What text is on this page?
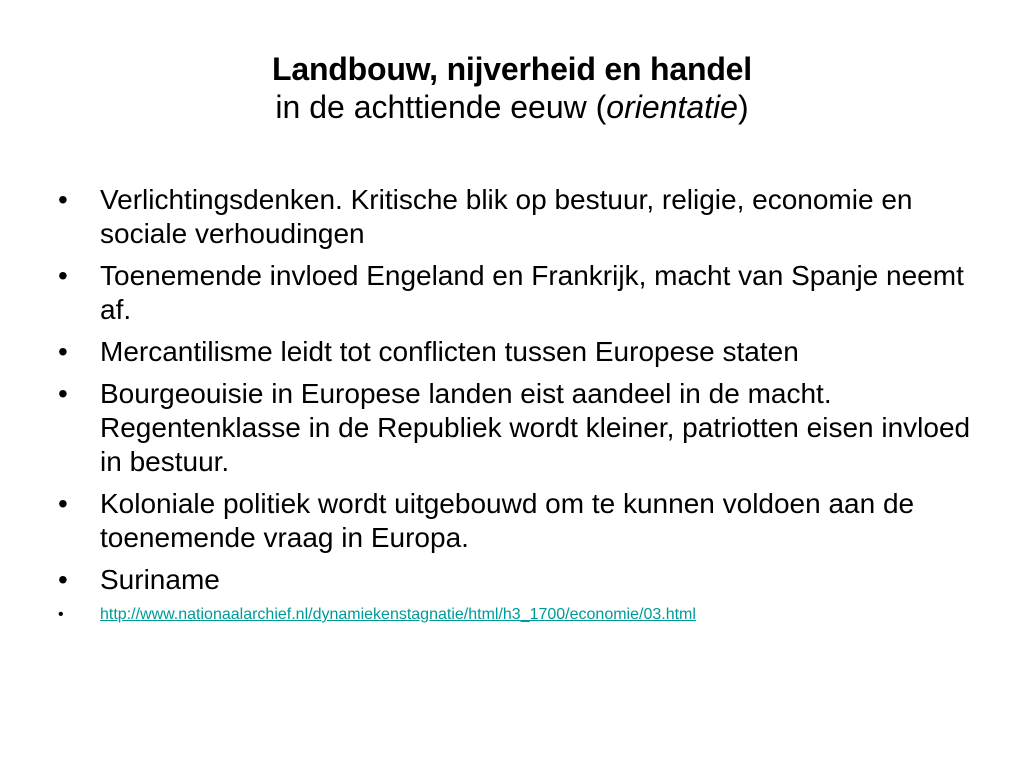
Landbouw, nijverheid en handel
in de achttiende eeuw (orientatie)
•	Verlichtingsdenken. Kritische blik op bestuur, religie, economie en sociale verhoudingen
•	Toenemende invloed Engeland en Frankrijk, macht van Spanje neemt af.
•	Mercantilisme leidt tot conflicten tussen Europese staten
•	Bourgeouisie in Europese landen eist aandeel in de macht. Regentenklasse in de Republiek wordt kleiner, patriotten eisen invloed in bestuur.
•	Koloniale politiek wordt uitgebouwd om te kunnen voldoen aan de toenemende vraag in Europa.
•	Suriname
•	http://www.nationaalarchief.nl/dynamiekenstagnatie/html/h3_1700/economie/03.html
